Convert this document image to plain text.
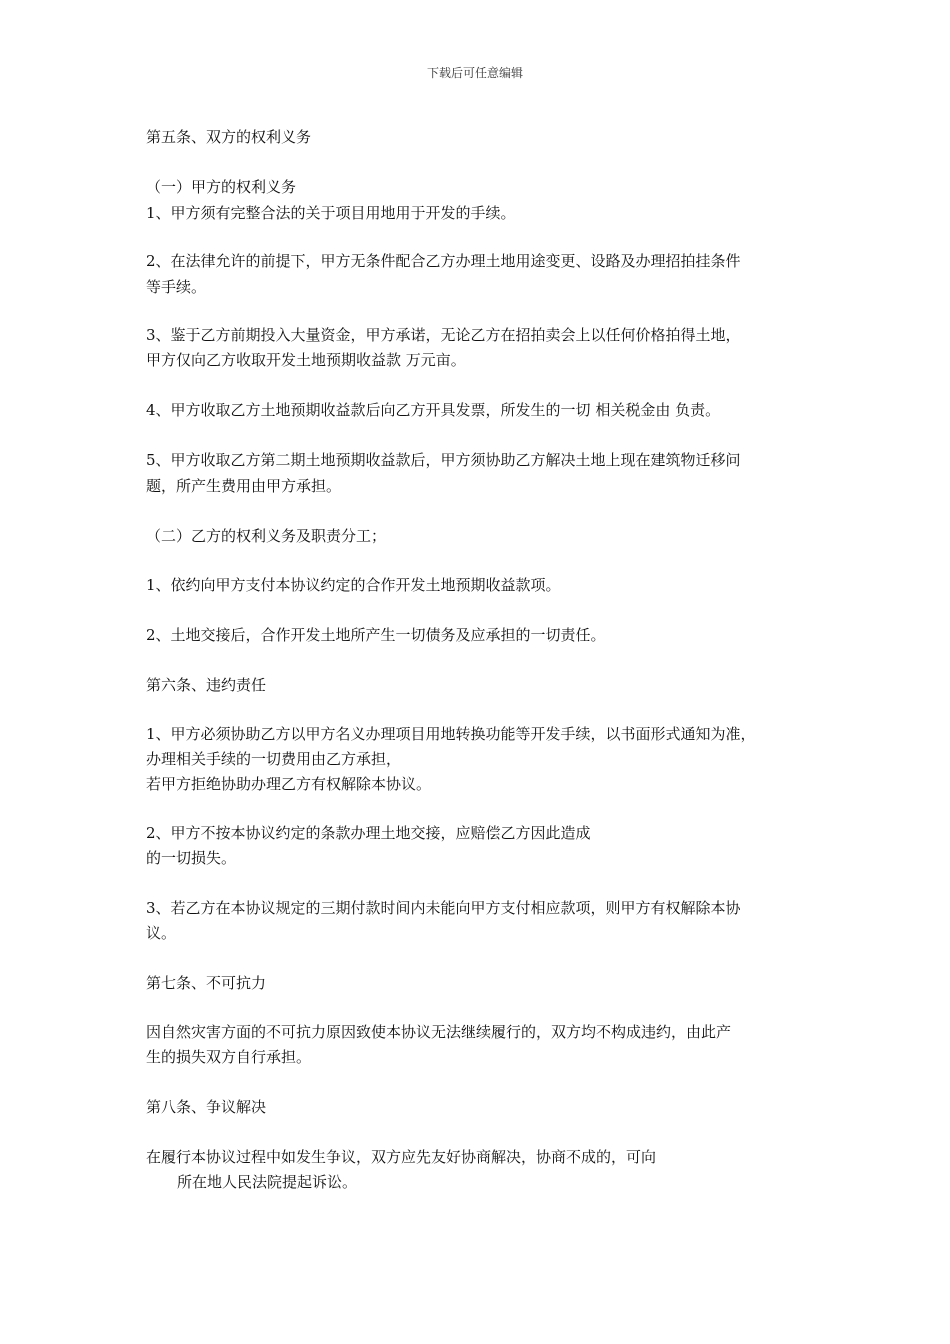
下载后可任意编辑
第五条、双方的权利义务
（一）甲方的权利义务
1、甲方须有完整合法的关于项目用地用于开发的手续。
2、在法律允许的前提下，甲方无条件配合乙方办理土地用途变更、设路及办理招拍挂条件
等手续。
3、鉴于乙方前期投入大量资金，甲方承诺，无论乙方在招拍卖会上以任何价格拍得土地，
甲方仅向乙方收取开发土地预期收益款 万元亩。
4、甲方收取乙方土地预期收益款后向乙方开具发票，所发生的一切 相关税金由 负责。
5、甲方收取乙方第二期土地预期收益款后，甲方须协助乙方解决土地上现在建筑物迁移问
题，所产生费用由甲方承担。
（二）乙方的权利义务及职责分工；
1、依约向甲方支付本协议约定的合作开发土地预期收益款项。
2、土地交接后，合作开发土地所产生一切债务及应承担的一切责任。
第六条、违约责任
1、甲方必须协助乙方以甲方名义办理项目用地转换功能等开发手续，以书面形式通知为准，
办理相关手续的一切费用由乙方承担，
若甲方拒绝协助办理乙方有权解除本协议。
2、甲方不按本协议约定的条款办理土地交接，应赔偿乙方因此造成
的一切损失。
3、若乙方在本协议规定的三期付款时间内未能向甲方支付相应款项，则甲方有权解除本协
议。
第七条、不可抗力
因自然灾害方面的不可抗力原因致使本协议无法继续履行的，双方均不构成违约，由此产
生的损失双方自行承担。
第八条、争议解决
在履行本协议过程中如发生争议，双方应先友好协商解决，协商不成的，可向
所在地人民法院提起诉讼。
